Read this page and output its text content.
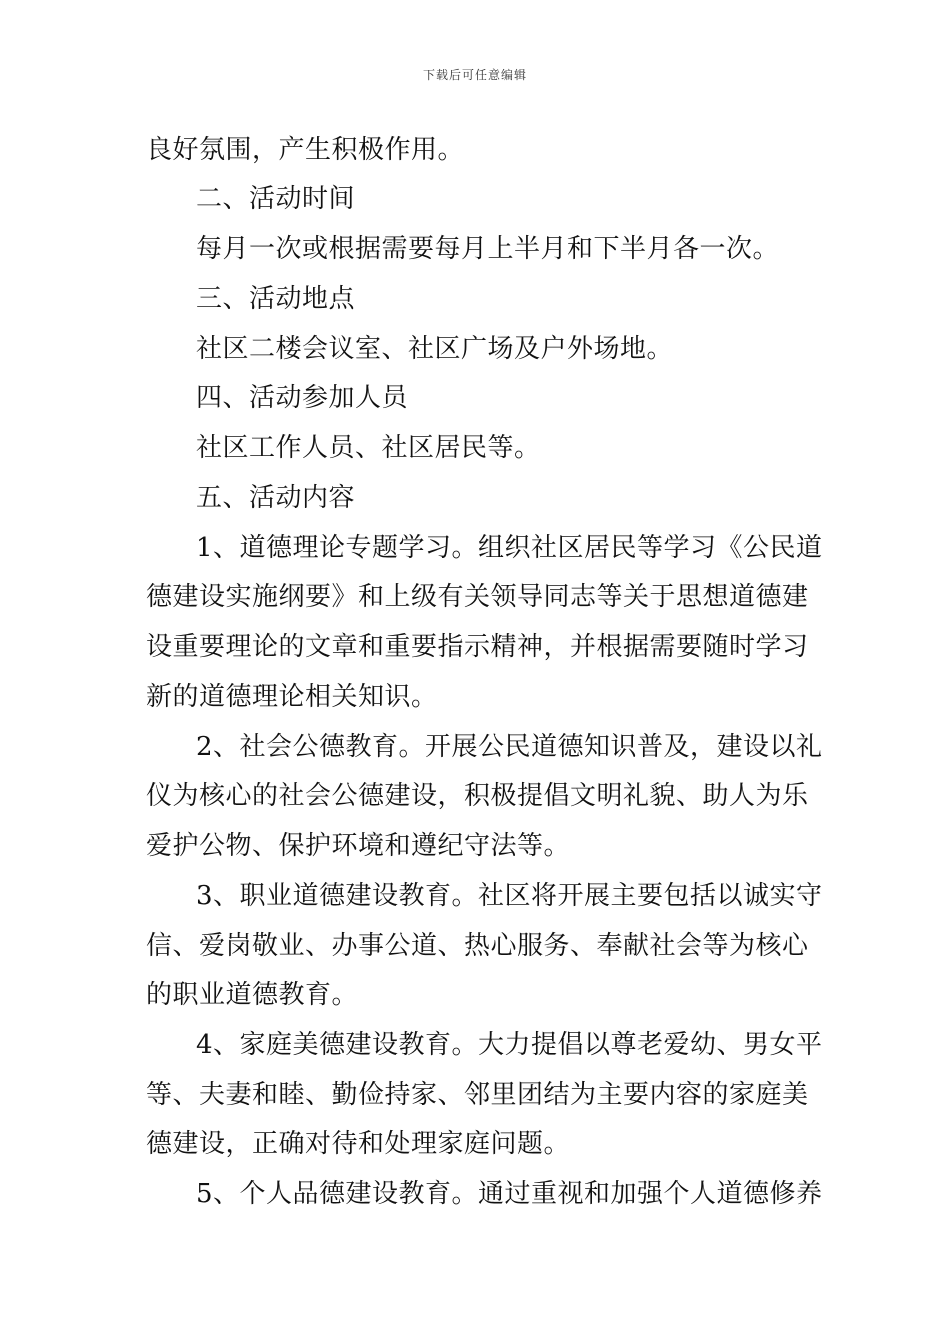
下载后可任意编辑
良好氛围，产生积极作用。
二、活动时间
每月一次或根据需要每月上半月和下半月各一次。
三、活动地点
社区二楼会议室、社区广场及户外场地。
四、活动参加人员
社区工作人员、社区居民等。
五、活动内容
1、道德理论专题学习。组织社区居民等学习《公民道
德建设实施纲要》和上级有关领导同志等关于思想道德建
设重要理论的文章和重要指示精神，并根据需要随时学习
新的道德理论相关知识。
2、社会公德教育。开展公民道德知识普及，建设以礼
仪为核心的社会公德建设，积极提倡文明礼貌、助人为乐
爱护公物、保护环境和遵纪守法等。
3、职业道德建设教育。社区将开展主要包括以诚实守
信、爱岗敬业、办事公道、热心服务、奉献社会等为核心
的职业道德教育。
4、家庭美德建设教育。大力提倡以尊老爱幼、男女平
等、夫妻和睦、勤俭持家、邻里团结为主要内容的家庭美
德建设，正确对待和处理家庭问题。
5、个人品德建设教育。通过重视和加强个人道德修养
